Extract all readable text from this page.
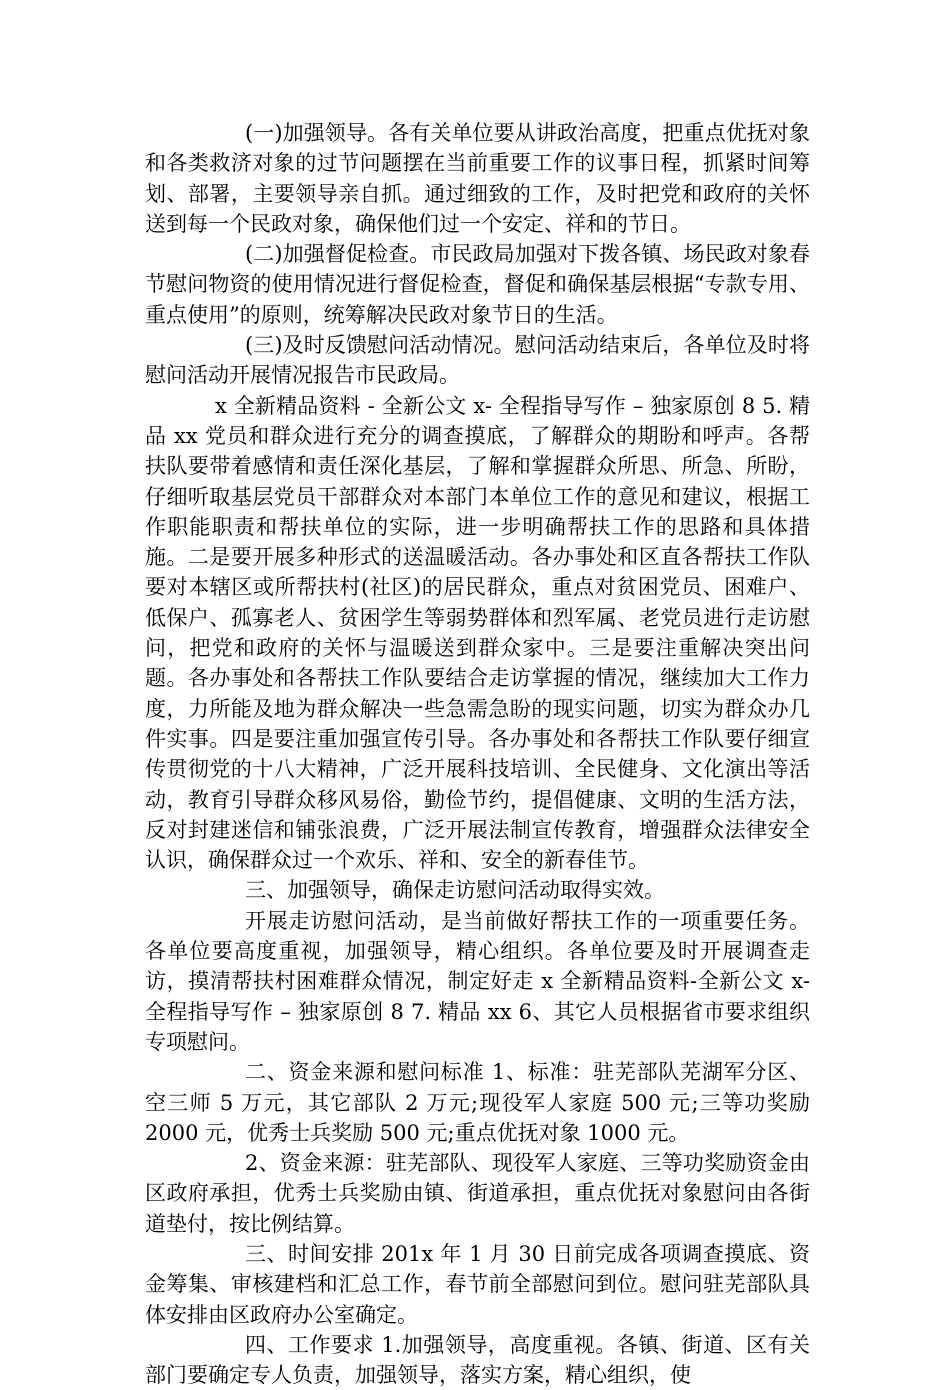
(一)加强领导。各有关单位要从讲政治高度，把重点优抚对象和各类救济对象的过节问题摆在当前重要工作的议事日程，抓紧时间筹划、部署，主要领导亲自抓。通过细致的工作，及时把党和政府的关怀送到每一个民政对象，确保他们过一个安定、祥和的节日。

(二)加强督促检查。市民政局加强对下拨各镇、场民政对象春节慰问物资的使用情况进行督促检查，督促和确保基层根据“专款专用、重点使用”的原则，统筹解决民政对象节日的生活。

(三)及时反馈慰问活动情况。慰问活动结束后，各单位及时将慰问活动开展情况报告市民政局。

x 全新精品资料 - 全新公文 x- 全程指导写作 – 独家原创 8 5. 精品 xx 党员和群众进行充分的调查摸底，了解群众的期盼和呼声。各帮扶队要带着感情和责任深化基层，了解和掌握群众所思、所急、所盼，仔细听取基层党员干部群众对本部门本单位工作的意见和建议，根据工作职能职责和帮扶单位的实际，进一步明确帮扶工作的思路和具体措施。二是要开展多种形式的送温暖活动。各办事处和区直各帮扶工作队要对本辖区或所帮扶村(社区)的居民群众，重点对贫困党员、困难户、低保户、孤寡老人、贫困学生等弱势群体和烈军属、老党员进行走访慰问，把党和政府的关怀与温暖送到群众家中。三是要注重解决突出问题。各办事处和各帮扶工作队要结合走访掌握的情况，继续加大工作力度，力所能及地为群众解决一些急需急盼的现实问题，切实为群众办几件实事。四是要注重加强宣传引导。各办事处和各帮扶工作队要仔细宣传贯彻党的十八大精神，广泛开展科技培训、全民健身、文化演出等活动，教育引导群众移风易俗，勤俭节约，提倡健康、文明的生活方法，反对封建迷信和铺张浪费，广泛开展法制宣传教育，增强群众法律安全认识，确保群众过一个欢乐、祥和、安全的新春佳节。

三、加强领导，确保走访慰问活动取得实效。

开展走访慰问活动，是当前做好帮扶工作的一项重要任务。各单位要高度重视，加强领导，精心组织。各单位要及时开展调查走访，摸清帮扶村困难群众情况，制定好走 x 全新精品资料-全新公文 x-全程指导写作 – 独家原创 8 7. 精品 xx 6、其它人员根据省市要求组织专项慰问。

二、资金来源和慰问标准 1、标准：驻芜部队芜湖军分区、空三师 5 万元，其它部队 2 万元;现役军人家庭 500 元;三等功奖励 2000 元，优秀士兵奖励 500 元;重点优抚对象 1000 元。

2、资金来源：驻芜部队、现役军人家庭、三等功奖励资金由区政府承担，优秀士兵奖励由镇、街道承担，重点优抚对象慰问由各街道垫付，按比例结算。

三、时间安排 201x 年 1 月 30 日前完成各项调查摸底、资金筹集、审核建档和汇总工作，春节前全部慰问到位。慰问驻芜部队具体安排由区政府办公室确定。

四、工作要求 1.加强领导，高度重视。各镇、街道、区有关部门要确定专人负责，加强领导，落实方案，精心组织，使
